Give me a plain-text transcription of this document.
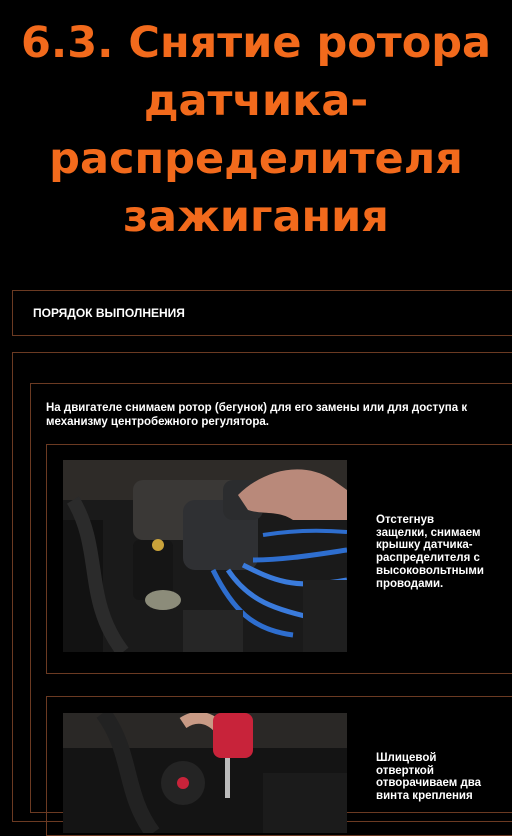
6.3. Снятие ротора
датчика-
распределителя
зажигания
ПОРЯДОК ВЫПОЛНЕНИЯ
На двигателе снимаем ротор (бегунок) для его замены или для доступа к механизму центробежного регулятора.
Отстегнув
защелки, снимаем
крышку датчика-
распределителя с
высоковольтными
проводами.
Шлицевой
отверткой
отворачиваем два
винта крепления
